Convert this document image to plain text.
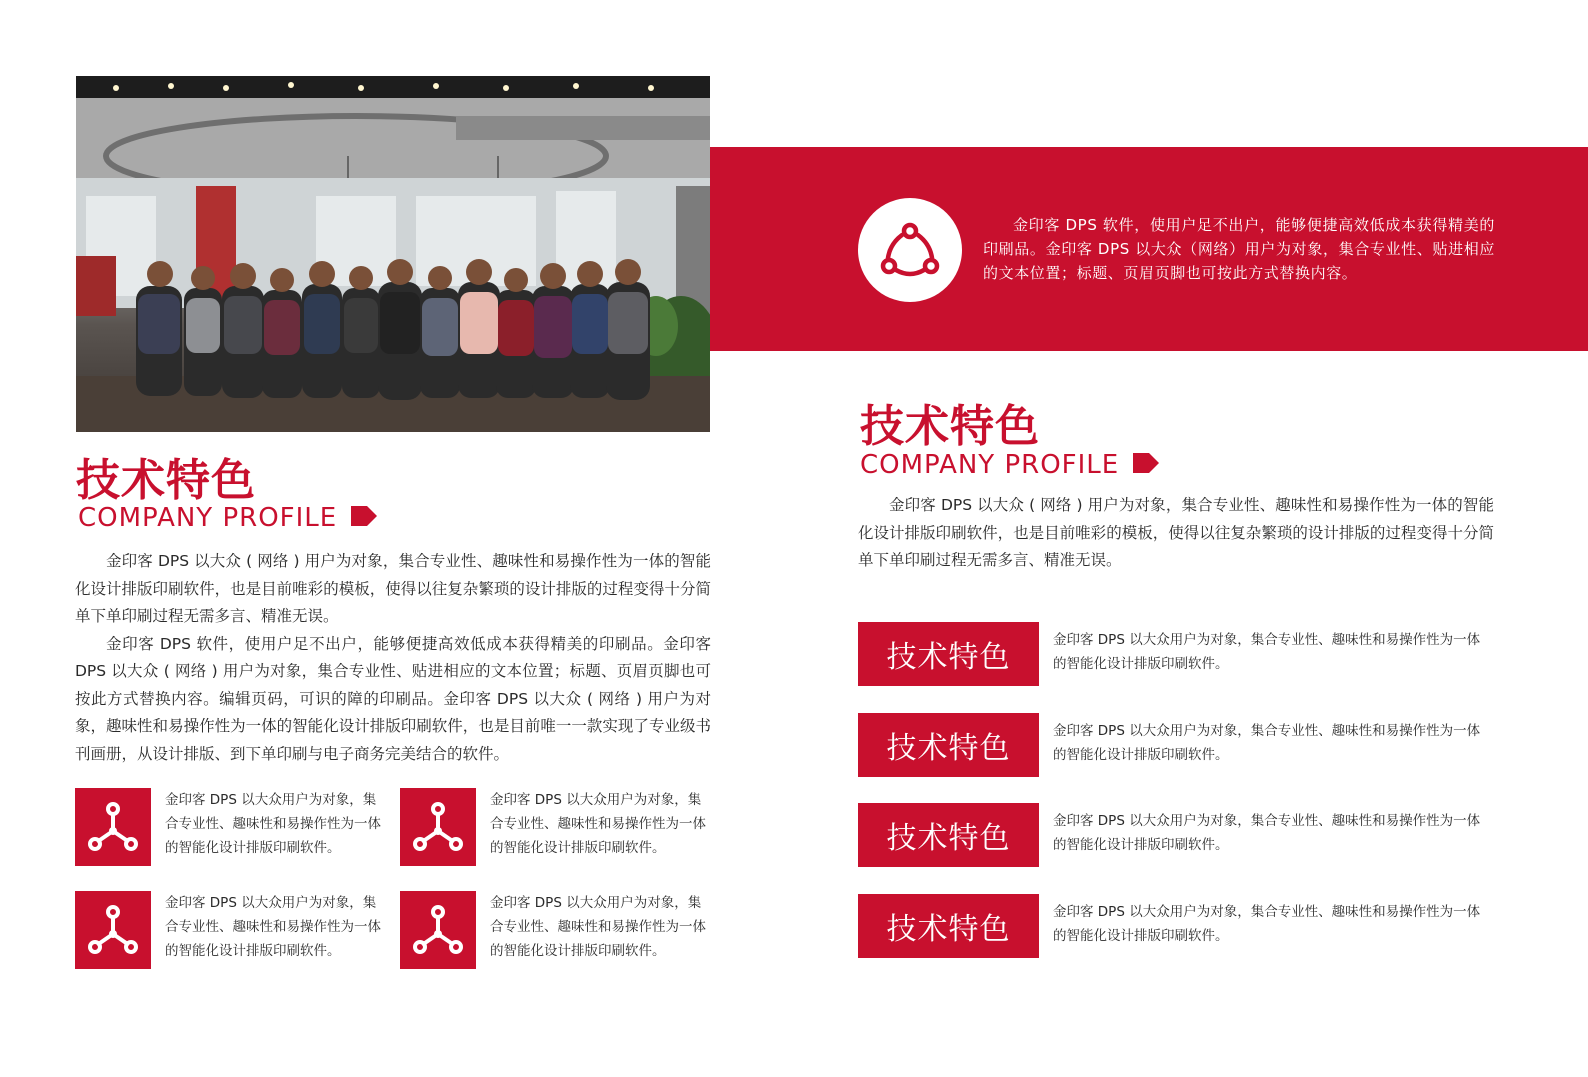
技术特色
COMPANY PROFILE

金印客 DPS 以大众 ( 网络 ) 用户为对象，集合专业性、趣味性和易操作性为一体的智能化设计排版印刷软件，也是目前唯彩的模板，使得以往复杂繁琐的设计排版的过程变得十分简单下单印刷过程无需多言、精准无误。

金印客 DPS 软件，使用户足不出户，能够便捷高效低成本获得精美的印刷品。金印客 DPS 以大众 ( 网络 ) 用户为对象，集合专业性、贴进相应的文本位置；标题、页眉页脚也可按此方式替换内容。编辑页码，可识的障的印刷品。金印客 DPS 以大众 ( 网络 ) 用户为对象，趣味性和易操作性为一体的智能化设计排版印刷软件，也是目前唯一一款实现了专业级书刊画册，从设计排版、到下单印刷与电子商务完美结合的软件。

金印客 DPS 以大众用户为对象，集合专业性、趣味性和易操作性为一体的智能化设计排版印刷软件。
金印客 DPS 以大众用户为对象，集合专业性、趣味性和易操作性为一体的智能化设计排版印刷软件。
金印客 DPS 以大众用户为对象，集合专业性、趣味性和易操作性为一体的智能化设计排版印刷软件。
金印客 DPS 以大众用户为对象，集合专业性、趣味性和易操作性为一体的智能化设计排版印刷软件。

金印客 DPS 软件，使用户足不出户，能够便捷高效低成本获得精美的印刷品。金印客 DPS 以大众（网络）用户为对象，集合专业性、贴进相应的文本位置；标题、页眉页脚也可按此方式替换内容。

技术特色
COMPANY PROFILE

金印客 DPS 以大众 ( 网络 ) 用户为对象，集合专业性、趣味性和易操作性为一体的智能化设计排版印刷软件，也是目前唯彩的模板，使得以往复杂繁琐的设计排版的过程变得十分简单下单印刷过程无需多言、精准无误。

技术特色	金印客 DPS 以大众用户为对象，集合专业性、趣味性和易操作性为一体的智能化设计排版印刷软件。
技术特色	金印客 DPS 以大众用户为对象，集合专业性、趣味性和易操作性为一体的智能化设计排版印刷软件。
技术特色	金印客 DPS 以大众用户为对象，集合专业性、趣味性和易操作性为一体的智能化设计排版印刷软件。
技术特色	金印客 DPS 以大众用户为对象，集合专业性、趣味性和易操作性为一体的智能化设计排版印刷软件。
